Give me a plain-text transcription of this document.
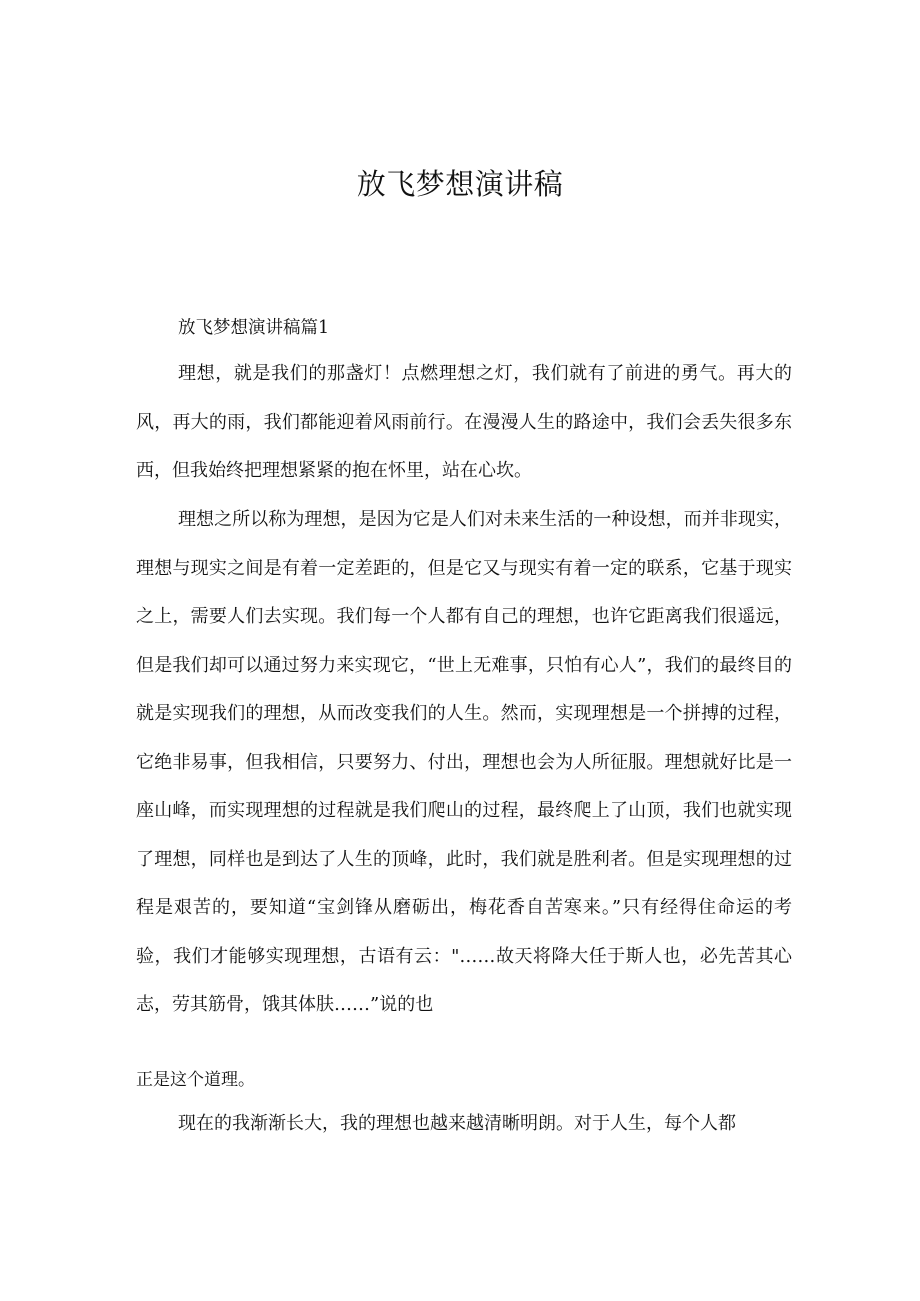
放飞梦想演讲稿
放飞梦想演讲稿篇1

理想，就是我们的那盏灯！点燃理想之灯，我们就有了前进的勇气。再大的风，再大的雨，我们都能迎着风雨前行。在漫漫人生的路途中，我们会丢失很多东西，但我始终把理想紧紧的抱在怀里，站在心坎。

理想之所以称为理想，是因为它是人们对未来生活的一种设想，而并非现实，理想与现实之间是有着一定差距的，但是它又与现实有着一定的联系，它基于现实之上，需要人们去实现。我们每一个人都有自己的理想，也许它距离我们很遥远，但是我们却可以通过努力来实现它，“世上无难事，只怕有心人”，我们的最终目的就是实现我们的理想，从而改变我们的人生。然而，实现理想是一个拼搏的过程，它绝非易事，但我相信，只要努力、付出，理想也会为人所征服。理想就好比是一座山峰，而实现理想的过程就是我们爬山的过程，最终爬上了山顶，我们也就实现了理想，同样也是到达了人生的顶峰，此时，我们就是胜利者。但是实现理想的过程是艰苦的，要知道“宝剑锋从磨砺出，梅花香自苦寒来。”只有经得住命运的考验，我们才能够实现理想，古语有云："……故天将降大任于斯人也，必先苦其心志，劳其筋骨，饿其体肤……”说的也

正是这个道理。

现在的我渐渐长大，我的理想也越来越清晰明朗。对于人生，每个人都
